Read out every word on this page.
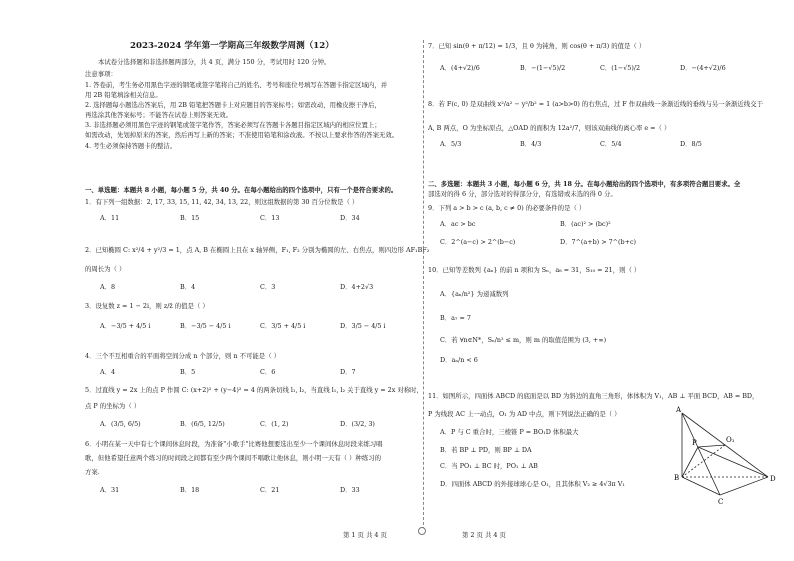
2023-2024 学年第一学期高三年级数学周测（12）
本试卷分选择题和非选择题两部分，共 4 页，满分 150 分，考试用时 120 分钟。
注意事项：
1. 答卷前，考生务必用黑色字迹的钢笔或签字笔将自己的姓名、考号和座位号填写在答题卡指定区域内，并
用 2B 铅笔填涂相关信息。
2. 选择题每小题选出答案后，用 2B 铅笔把答题卡上对应题目的答案标号；如需改动，用橡皮擦干净后，
再选涂其他答案标号；不能答在试卷上则答案无效。
3. 非选择题必须用黑色字迹的钢笔或签字笔作答，答案必须写在答题卡各题目指定区域内的相应位置上；
如需改动，先划掉原来的答案，然后再写上新的答案；不准使用铅笔和涂改液。不按以上要求作答的答案无效。
4. 考生必须保持答题卡的整洁。
一、单选题：本题共 8 小题，每小题 5 分，共 40 分。在每小题给出的四个选项中，只有一个是符合要求的。
1．有下列一组数据：2, 17, 33, 15, 11, 42, 34, 13, 22，则这组数据的第 30 百分位数是（ ）
A．11	B．15	C．13	D．34
2．已知椭圆 C: x²/4 + y²/3 = 1，点 A, B 在椭圆上且在 x 轴异侧，F₁, F₂ 分别为椭圆的左、右焦点，则四边形 AF₁BF₂
的周长为（ ）
A．8	B．4	C．3	D．4+2√3
3．设复数 z = 1 − 2i，则 z/z̄ 的值是（ ）
A．−3/5 + 4/5 i	B．−3/5 − 4/5 i	C．3/5 + 4/5 i	D．3/5 − 4/5 i
4．三个不互相重合的平面将空间分成 n 个部分，则 n 不可能是（ ）
A．4	B．5	C．6	D．7
5．过直线 y = 2x 上的点 P 作圆 C: (x+2)² + (y−4)² = 4 的两条切线 l₁, l₂，当直线 l₁, l₂ 关于直线 y = 2x 对称时，
点 P 的坐标为（ ）
A．(3/5, 6/5)	B．(6/5, 12/5)	C．(1, 2)	D．(3/2, 3)
6．小明在某一天中有七个课间休息时段，为准备"小歌手"比赛他想要选出至少一个课间休息时段来练习唱
歌，但他希望任意两个练习的时间段之间都有至少两个课间不唱歌让他休息，则小明一天有（ ）种练习的
方案.
A．31	B．18	C．21	D．33
第 1 页 共 4 页
7．已知 sin(θ + π/12) = 1/3，且 θ 为钝角，则 cos(θ + π/3) 的值是（ ）
A．(4+√2)/6	B．−(1−√5)/2	C．(1−√5)/2	D．−(4+√2)/6
8．若 F(c, 0) 是双曲线 x²/a² − y²/b² = 1 (a>b>0) 的右焦点，过 F 作双曲线一条渐近线的垂线与另一条渐近线交于
A, B 两点，O 为坐标原点，△OAD 的面积为 12a²/7，则该双曲线的离心率 e =（ ）
A．5/3	B．4/3	C．5/4	D．8/5
二、多选题：本题共 3 小题，每小题 6 分，共 18 分。在每小题给出的四个选项中，有多项符合题目要求。全
部选对的得 6 分，部分选对的得部分分，有选错或未选的得 0 分。
9．下列 a > b > c (a, b, c ≠ 0) 的必要条件的是（ ）
A．ac > bc	B．(ac)² > (bc)²
C．2^(a−c) > 2^(b−c)	D．7^(a+b) > 7^(b+c)
10．已知等差数列 {aₙ} 的前 n 项和为 Sₙ，a₈ = 31，S₁₀ = 21，则（ ）
A．{aₙ/n²} 为递减数列
B．a₇ = 7
C．若 ∀n∈N*，Sₙ/n² ≤ m，则 m 的取值范围为 (3, +∞)
D．aₙ/n < 6
11．如图所示，四面体 ABCD 的底面是以 BD 为斜边的直角三角形，体体积为 V₁，AB ⊥ 平面 BCD，AB = BD，
P 为线段 AC 上一动点，O₁ 为 AD 中点，则下列说法正确的是（ ）
A．P 与 C 重合时，三棱锥 P = BO₁D 体积最大
B．若 BP ⊥ PD，则 BP ⊥ DA
C．当 PO₁ ⊥ BC 时，PO₁ ⊥ AB
D．四面体 ABCD 的外接球球心是 O₁，且其体积 V₂ ≥ 4√3π V₁
第 2 页 共 4 页
A
B
C
D
P	O₁
